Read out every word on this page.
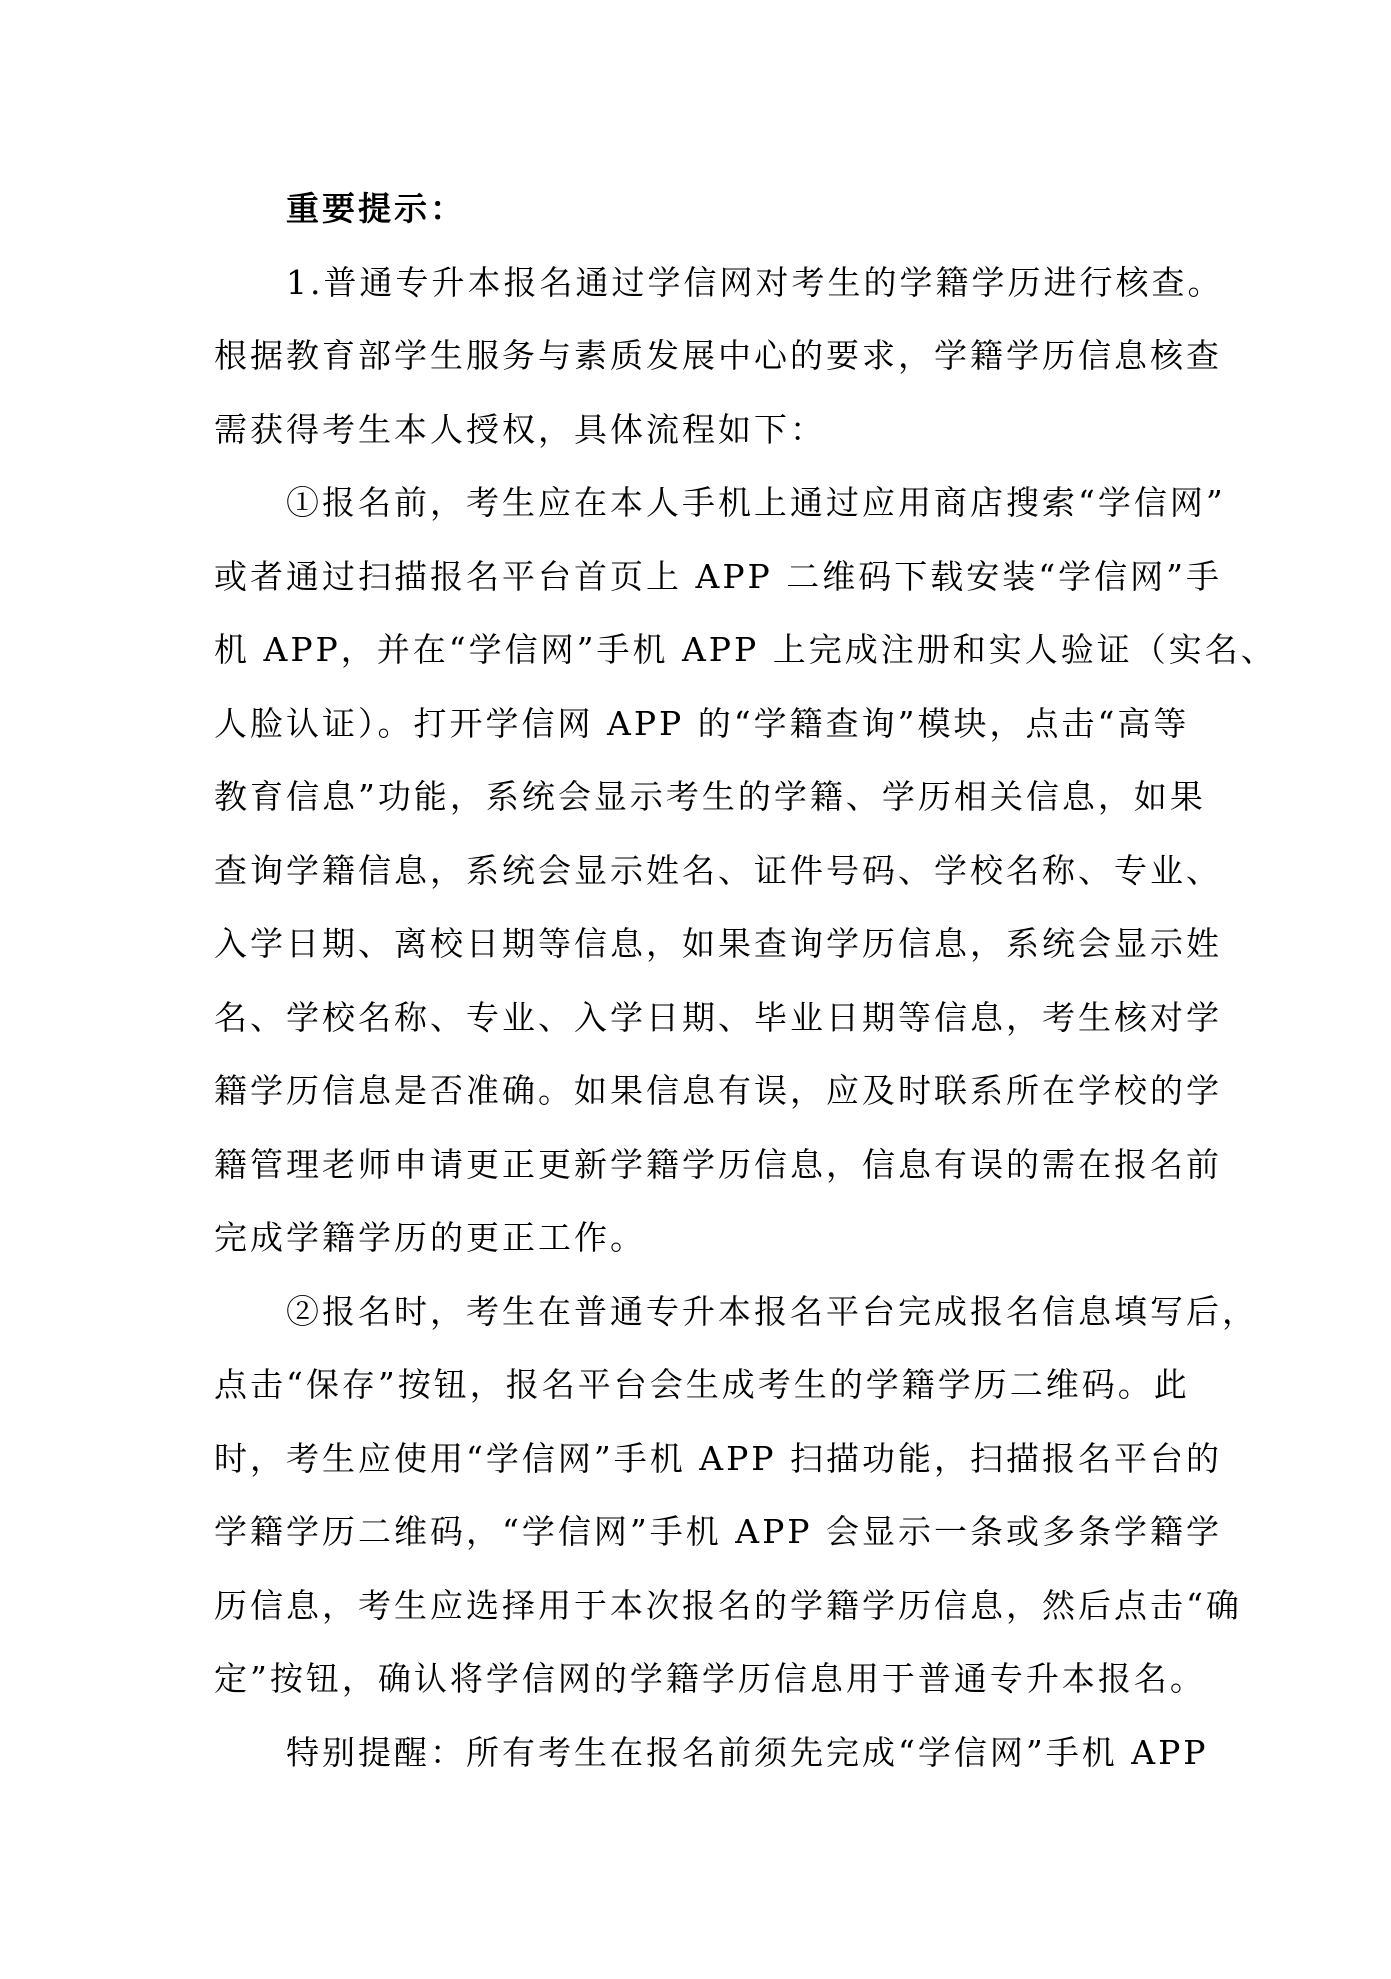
重要提示：
1.普通专升本报名通过学信网对考生的学籍学历进行核查。
根据教育部学生服务与素质发展中心的要求，学籍学历信息核查
需获得考生本人授权，具体流程如下：
①报名前，考生应在本人手机上通过应用商店搜索“学信网”
或者通过扫描报名平台首页上 APP 二维码下载安装“学信网”手
机 APP，并在“学信网”手机 APP 上完成注册和实人验证（实名、
人脸认证）。打开学信网 APP 的“学籍查询”模块，点击“高等
教育信息”功能，系统会显示考生的学籍、学历相关信息，如果
查询学籍信息，系统会显示姓名、证件号码、学校名称、专业、
入学日期、离校日期等信息，如果查询学历信息，系统会显示姓
名、学校名称、专业、入学日期、毕业日期等信息，考生核对学
籍学历信息是否准确。如果信息有误，应及时联系所在学校的学
籍管理老师申请更正更新学籍学历信息，信息有误的需在报名前
完成学籍学历的更正工作。
②报名时，考生在普通专升本报名平台完成报名信息填写后，
点击“保存”按钮，报名平台会生成考生的学籍学历二维码。此
时，考生应使用“学信网”手机 APP 扫描功能，扫描报名平台的
学籍学历二维码，“学信网”手机 APP 会显示一条或多条学籍学
历信息，考生应选择用于本次报名的学籍学历信息，然后点击“确
定”按钮，确认将学信网的学籍学历信息用于普通专升本报名。
特别提醒：所有考生在报名前须先完成“学信网”手机 APP
